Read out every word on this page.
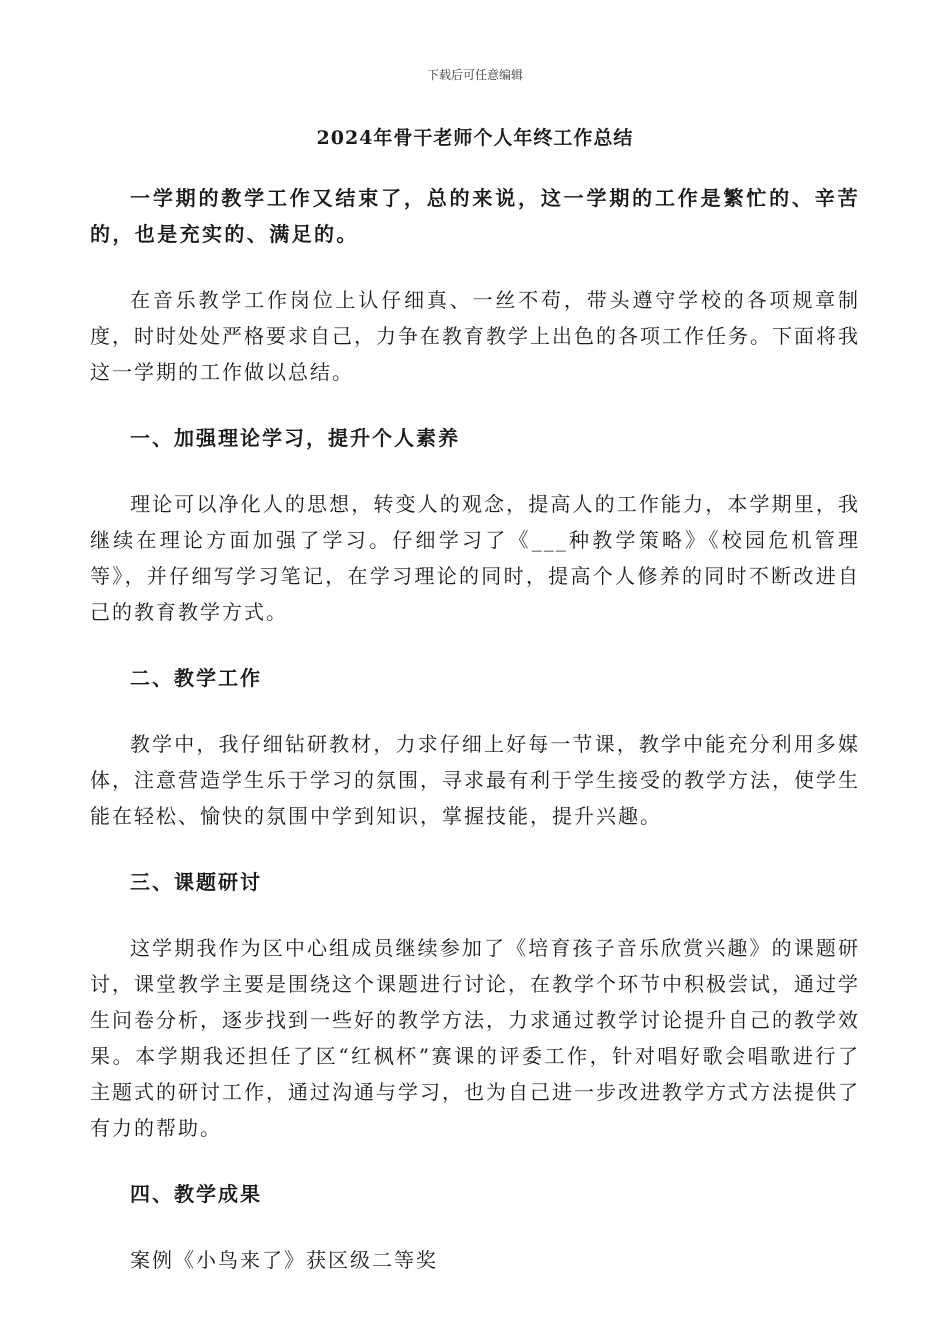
下载后可任意编辑
2024年骨干老师个人年终工作总结

一学期的教学工作又结束了，总的来说，这一学期的工作是繁忙的、辛苦的，也是充实的、满足的。

在音乐教学工作岗位上认仔细真、一丝不苟，带头遵守学校的各项规章制度，时时处处严格要求自己，力争在教育教学上出色的各项工作任务。下面将我这一学期的工作做以总结。

一、加强理论学习，提升个人素养

理论可以净化人的思想，转变人的观念，提高人的工作能力，本学期里，我继续在理论方面加强了学习。仔细学习了《___种教学策略》《校园危机管理等》，并仔细写学习笔记，在学习理论的同时，提高个人修养的同时不断改进自己的教育教学方式。

二、教学工作

教学中，我仔细钻研教材，力求仔细上好每一节课，教学中能充分利用多媒体，注意营造学生乐于学习的氛围，寻求最有利于学生接受的教学方法，使学生能在轻松、愉快的氛围中学到知识，掌握技能，提升兴趣。

三、课题研讨

这学期我作为区中心组成员继续参加了《培育孩子音乐欣赏兴趣》的课题研讨，课堂教学主要是围绕这个课题进行讨论，在教学个环节中积极尝试，通过学生问卷分析，逐步找到一些好的教学方法，力求通过教学讨论提升自己的教学效果。本学期我还担任了区“红枫杯”赛课的评委工作，针对唱好歌会唱歌进行了主题式的研讨工作，通过沟通与学习，也为自己进一步改进教学方式方法提供了有力的帮助。

四、教学成果

案例《小鸟来了》获区级二等奖
